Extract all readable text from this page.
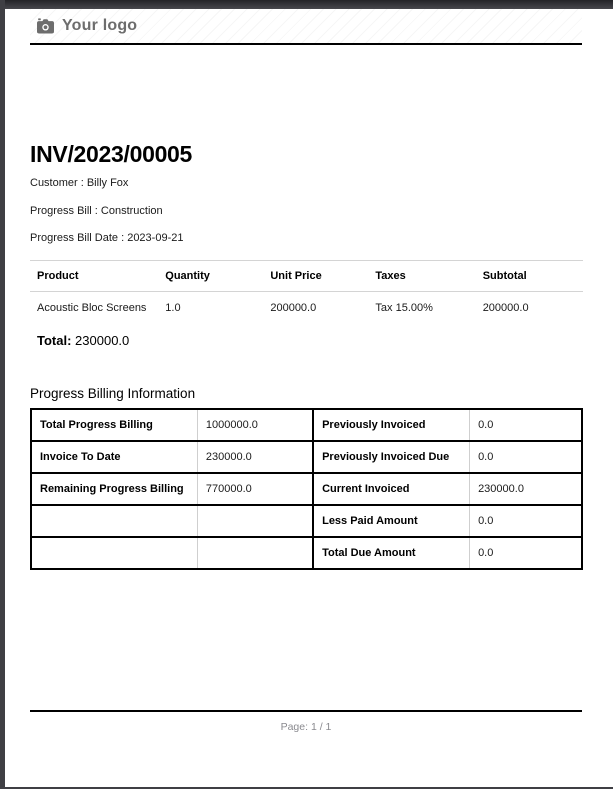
Your logo
INV/2023/00005
Customer : Billy Fox
Progress Bill : Construction
Progress Bill Date : 2023-09-21
Product	Quantity	Unit Price	Taxes	Subtotal
Acoustic Bloc Screens	1.0	200000.0	Tax 15.00%	200000.0
Total: 230000.0
Progress Billing Information
Total Progress Billing	1000000.0	Previously Invoiced	0.0
Invoice To Date	230000.0	Previously Invoiced Due	0.0
Remaining Progress Billing	770000.0	Current Invoiced	230000.0
		Less Paid Amount	0.0
		Total Due Amount	0.0
Page: 1 / 1
